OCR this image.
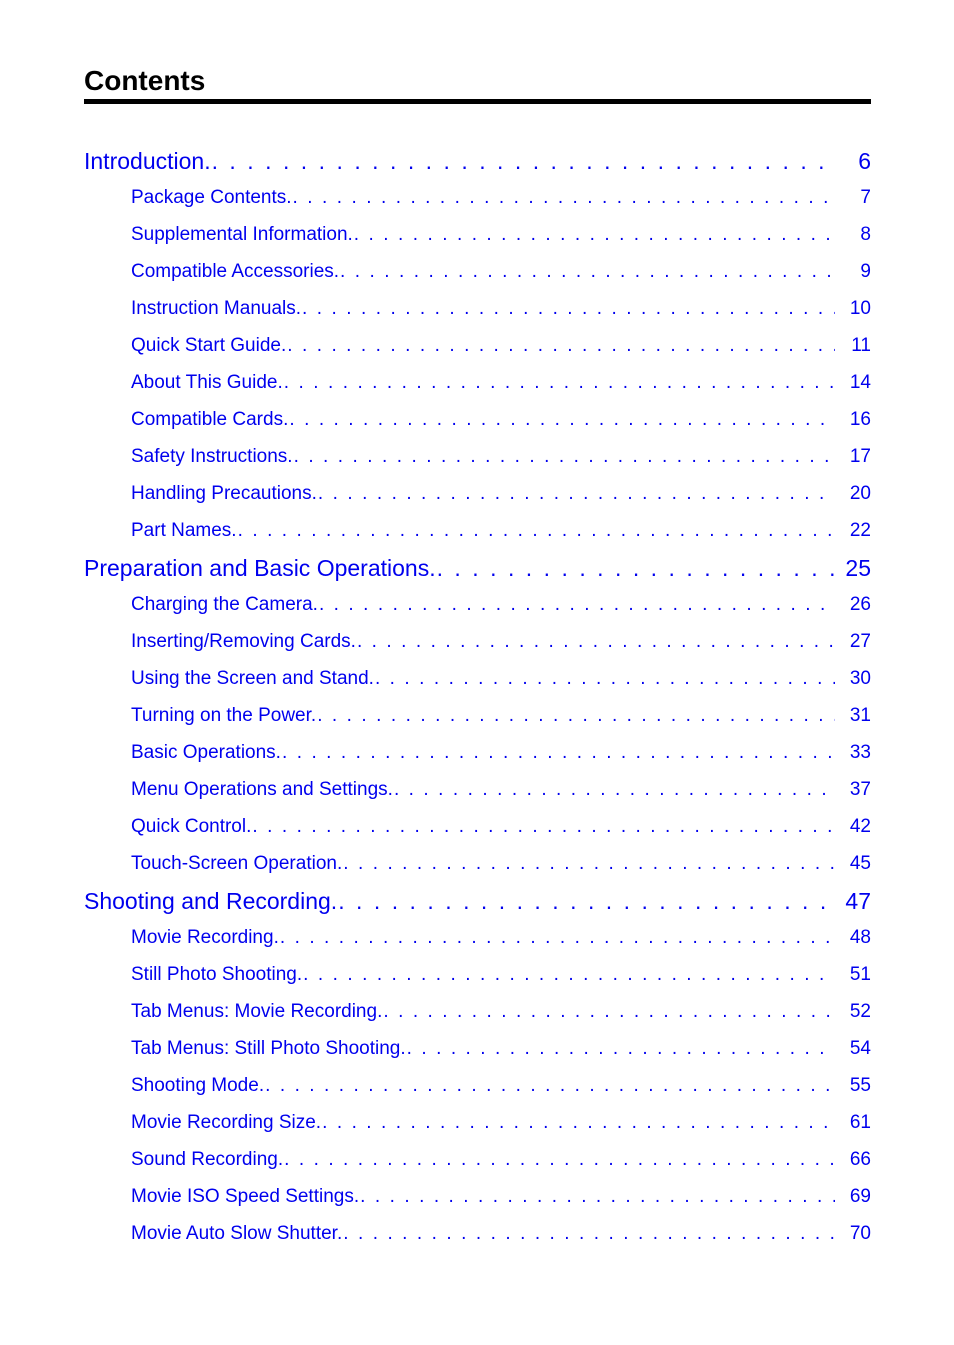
Contents
Introduction. . . .	6
Package Contents. . . .	7
Supplemental Information. . . .	8
Compatible Accessories. . . .	9
Instruction Manuals. . . .	10
Quick Start Guide. . . .	11
About This Guide. . . .	14
Compatible Cards. . . .	16
Safety Instructions. . . .	17
Handling Precautions. . . .	20
Part Names. . . .	22
Preparation and Basic Operations. . . .	25
Charging the Camera. . . .	26
Inserting/Removing Cards. . . .	27
Using the Screen and Stand. . . .	30
Turning on the Power. . . .	31
Basic Operations. . . .	33
Menu Operations and Settings. . . .	37
Quick Control. . . .	42
Touch-Screen Operation. . . .	45
Shooting and Recording. . . .	47
Movie Recording. . . .	48
Still Photo Shooting. . . .	51
Tab Menus: Movie Recording. . . .	52
Tab Menus: Still Photo Shooting. . . .	54
Shooting Mode. . . .	55
Movie Recording Size. . . .	61
Sound Recording. . . .	66
Movie ISO Speed Settings. . . .	69
Movie Auto Slow Shutter. . . .	70
